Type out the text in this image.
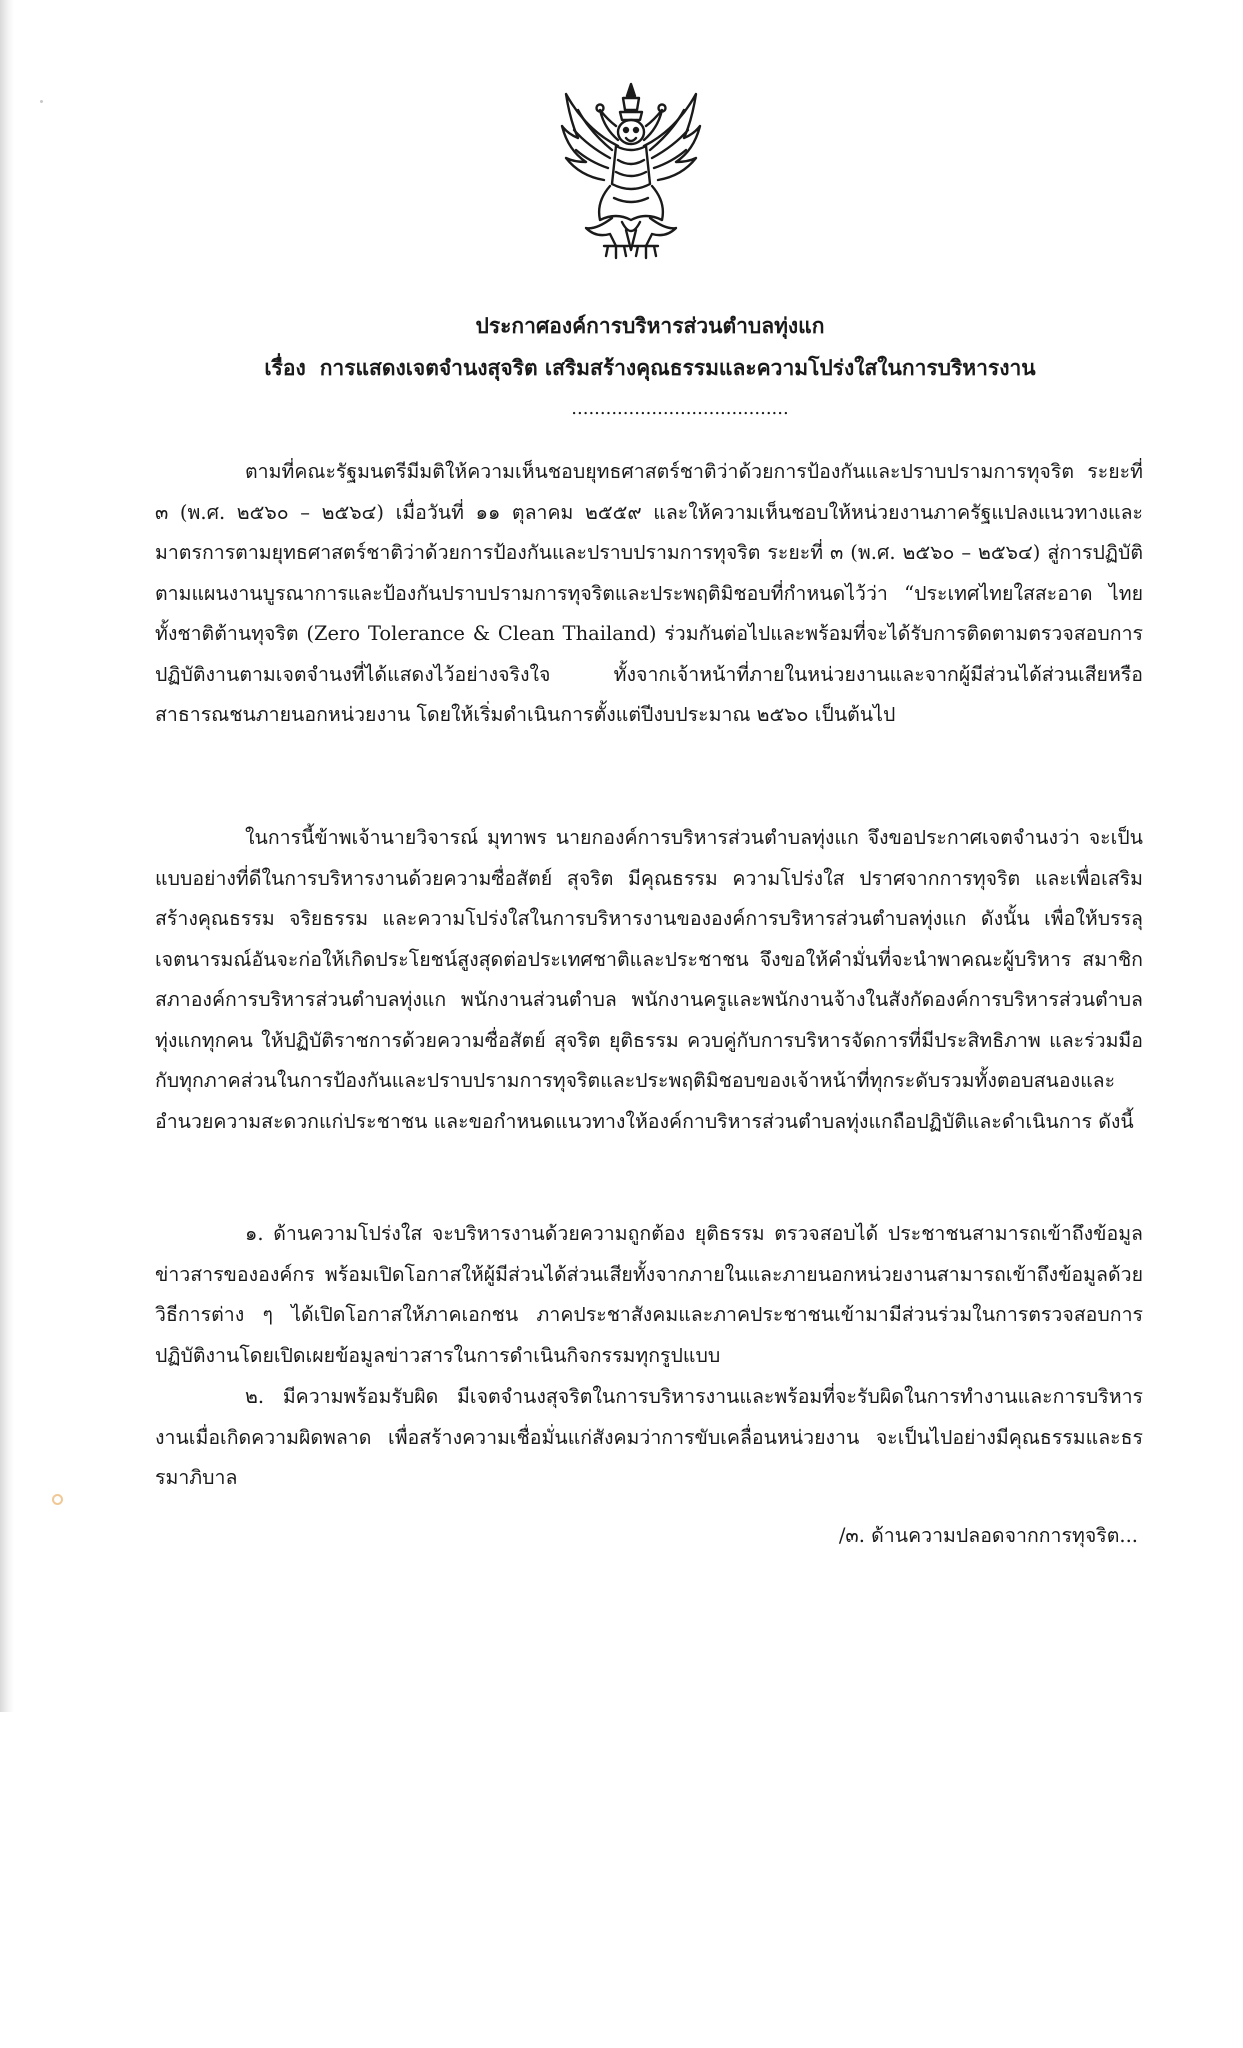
ประกาศองค์การบริหารส่วนตำบลทุ่งแก
เรื่อง การแสดงเจตจำนงสุจริต เสริมสร้างคุณธรรมและความโปร่งใสในการบริหารงาน
......................................

ตามที่คณะรัฐมนตรีมีมติให้ความเห็นชอบยุทธศาสตร์ชาติว่าด้วยการป้องกันและปราบปรามการทุจริต ระยะที่ ๓ (พ.ศ. ๒๕๖๐ – ๒๕๖๔) เมื่อวันที่ ๑๑ ตุลาคม ๒๕๕๙ และให้ความเห็นชอบให้หน่วยงานภาครัฐแปลงแนวทางและมาตรการตามยุทธศาสตร์ชาติว่าด้วยการป้องกันและปราบปรามการทุจริต ระยะที่ ๓ (พ.ศ. ๒๕๖๐ – ๒๕๖๔) สู่การปฏิบัติตามแผนงานบูรณาการและป้องกันปราบปรามการทุจริตและประพฤติมิชอบที่กำหนดไว้ว่า “ประเทศไทยใสสะอาด ไทยทั้งชาติต้านทุจริต (Zero Tolerance & Clean Thailand) ร่วมกันต่อไปและพร้อมที่จะได้รับการติดตามตรวจสอบการปฏิบัติงานตามเจตจำนงที่ได้แสดงไว้อย่างจริงใจ ทั้งจากเจ้าหน้าที่ภายในหน่วยงานและจากผู้มีส่วนได้ส่วนเสียหรือสาธารณชนภายนอกหน่วยงาน โดยให้เริ่มดำเนินการตั้งแต่ปีงบประมาณ ๒๕๖๐ เป็นต้นไป

ในการนี้ข้าพเจ้านายวิจารณ์ มุทาพร นายกองค์การบริหารส่วนตำบลทุ่งแก จึงขอประกาศเจตจำนงว่า จะเป็นแบบอย่างที่ดีในการบริหารงานด้วยความซื่อสัตย์ สุจริต มีคุณธรรม ความโปร่งใส ปราศจากการทุจริต และเพื่อเสริมสร้างคุณธรรม จริยธรรม และความโปร่งใสในการบริหารงานขององค์การบริหารส่วนตำบลทุ่งแก ดังนั้น เพื่อให้บรรลุเจตนารมณ์อันจะก่อให้เกิดประโยชน์สูงสุดต่อประเทศชาติและประชาชน จึงขอให้คำมั่นที่จะนำพาคณะผู้บริหาร สมาชิกสภาองค์การบริหารส่วนตำบลทุ่งแก พนักงานส่วนตำบล พนักงานครูและพนักงานจ้างในสังกัดองค์การบริหารส่วนตำบลทุ่งแกทุกคน ให้ปฏิบัติราชการด้วยความซื่อสัตย์ สุจริต ยุติธรรม ควบคู่กับการบริหารจัดการที่มีประสิทธิภาพ และร่วมมือกับทุกภาคส่วนในการป้องกันและปราบปรามการทุจริตและประพฤติมิชอบของเจ้าหน้าที่ทุกระดับรวมทั้งตอบสนองและอำนวยความสะดวกแก่ประชาชน และขอกำหนดแนวทางให้องค์กาบริหารส่วนตำบลทุ่งแกถือปฏิบัติและดำเนินการ ดังนี้

๑. ด้านความโปร่งใส จะบริหารงานด้วยความถูกต้อง ยุติธรรม ตรวจสอบได้ ประชาชนสามารถเข้าถึงข้อมูลข่าวสารขององค์กร พร้อมเปิดโอกาสให้ผู้มีส่วนได้ส่วนเสียทั้งจากภายในและภายนอกหน่วยงานสามารถเข้าถึงข้อมูลด้วยวิธีการต่าง ๆ ได้เปิดโอกาสให้ภาคเอกชน ภาคประชาสังคมและภาคประชาชนเข้ามามีส่วนร่วมในการตรวจสอบการปฏิบัติงานโดยเปิดเผยข้อมูลข่าวสารในการดำเนินกิจกรรมทุกรูปแบบ

๒. มีความพร้อมรับผิด มีเจตจำนงสุจริตในการบริหารงานและพร้อมที่จะรับผิดในการทำงานและการบริหารงานเมื่อเกิดความผิดพลาด เพื่อสร้างความเชื่อมั่นแก่สังคมว่าการขับเคลื่อนหน่วยงาน จะเป็นไปอย่างมีคุณธรรมและธรรมาภิบาล

/๓. ด้านความปลอดจากการทุจริต...
